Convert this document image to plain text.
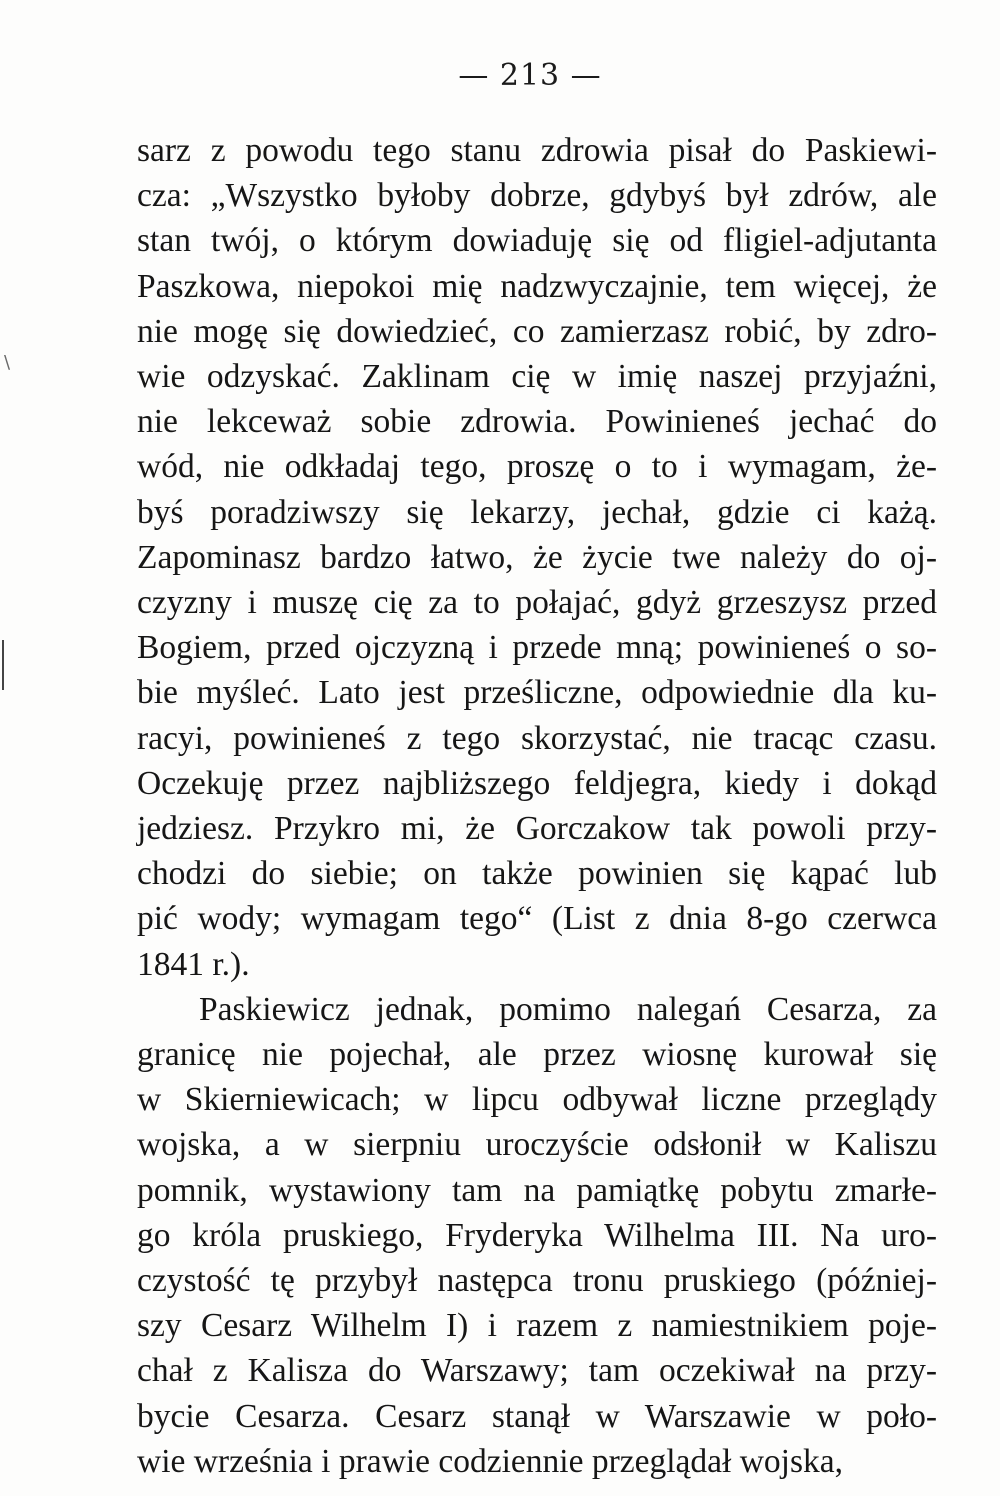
\
— 213 —
sarz z powodu tego stanu zdrowia pisał do Paskiewi-
cza: „Wszystko byłoby dobrze, gdybyś był zdrów, ale
stan twój, o którym dowiaduję się od fligiel-adjutanta
Paszkowa, niepokoi mię nadzwyczajnie, tem więcej, że
nie mogę się dowiedzieć, co zamierzasz robić, by zdro-
wie odzyskać. Zaklinam cię w imię naszej przyjaźni,
nie lekceważ sobie zdrowia. Powinieneś jechać do
wód, nie odkładaj tego, proszę o to i wymagam, że-
byś poradziwszy się lekarzy, jechał, gdzie ci każą.
Zapominasz bardzo łatwo, że życie twe należy do oj-
czyzny i muszę cię za to połajać, gdyż grzeszysz przed
Bogiem, przed ojczyzną i przede mną; powinieneś o so-
bie myśleć. Lato jest prześliczne, odpowiednie dla ku-
racyi, powinieneś z tego skorzystać, nie tracąc czasu.
Oczekuję przez najbliższego feldjegra, kiedy i dokąd
jedziesz. Przykro mi, że Gorczakow tak powoli przy-
chodzi do siebie; on także powinien się kąpać lub
pić wody; wymagam tego“ (List z dnia 8-go czerwca
1841 r.).
Paskiewicz jednak, pomimo nalegań Cesarza, za
granicę nie pojechał, ale przez wiosnę kurował się
w Skierniewicach; w lipcu odbywał liczne przeglądy
wojska, a w sierpniu uroczyście odsłonił w Kaliszu
pomnik, wystawiony tam na pamiątkę pobytu zmarłe-
go króla pruskiego, Fryderyka Wilhelma III. Na uro-
czystość tę przybył następca tronu pruskiego (później-
szy Cesarz Wilhelm I) i razem z namiestnikiem poje-
chał z Kalisza do Warszawy; tam oczekiwał na przy-
bycie Cesarza. Cesarz stanął w Warszawie w poło-
wie września i prawie codziennie przeglądał wojska,
